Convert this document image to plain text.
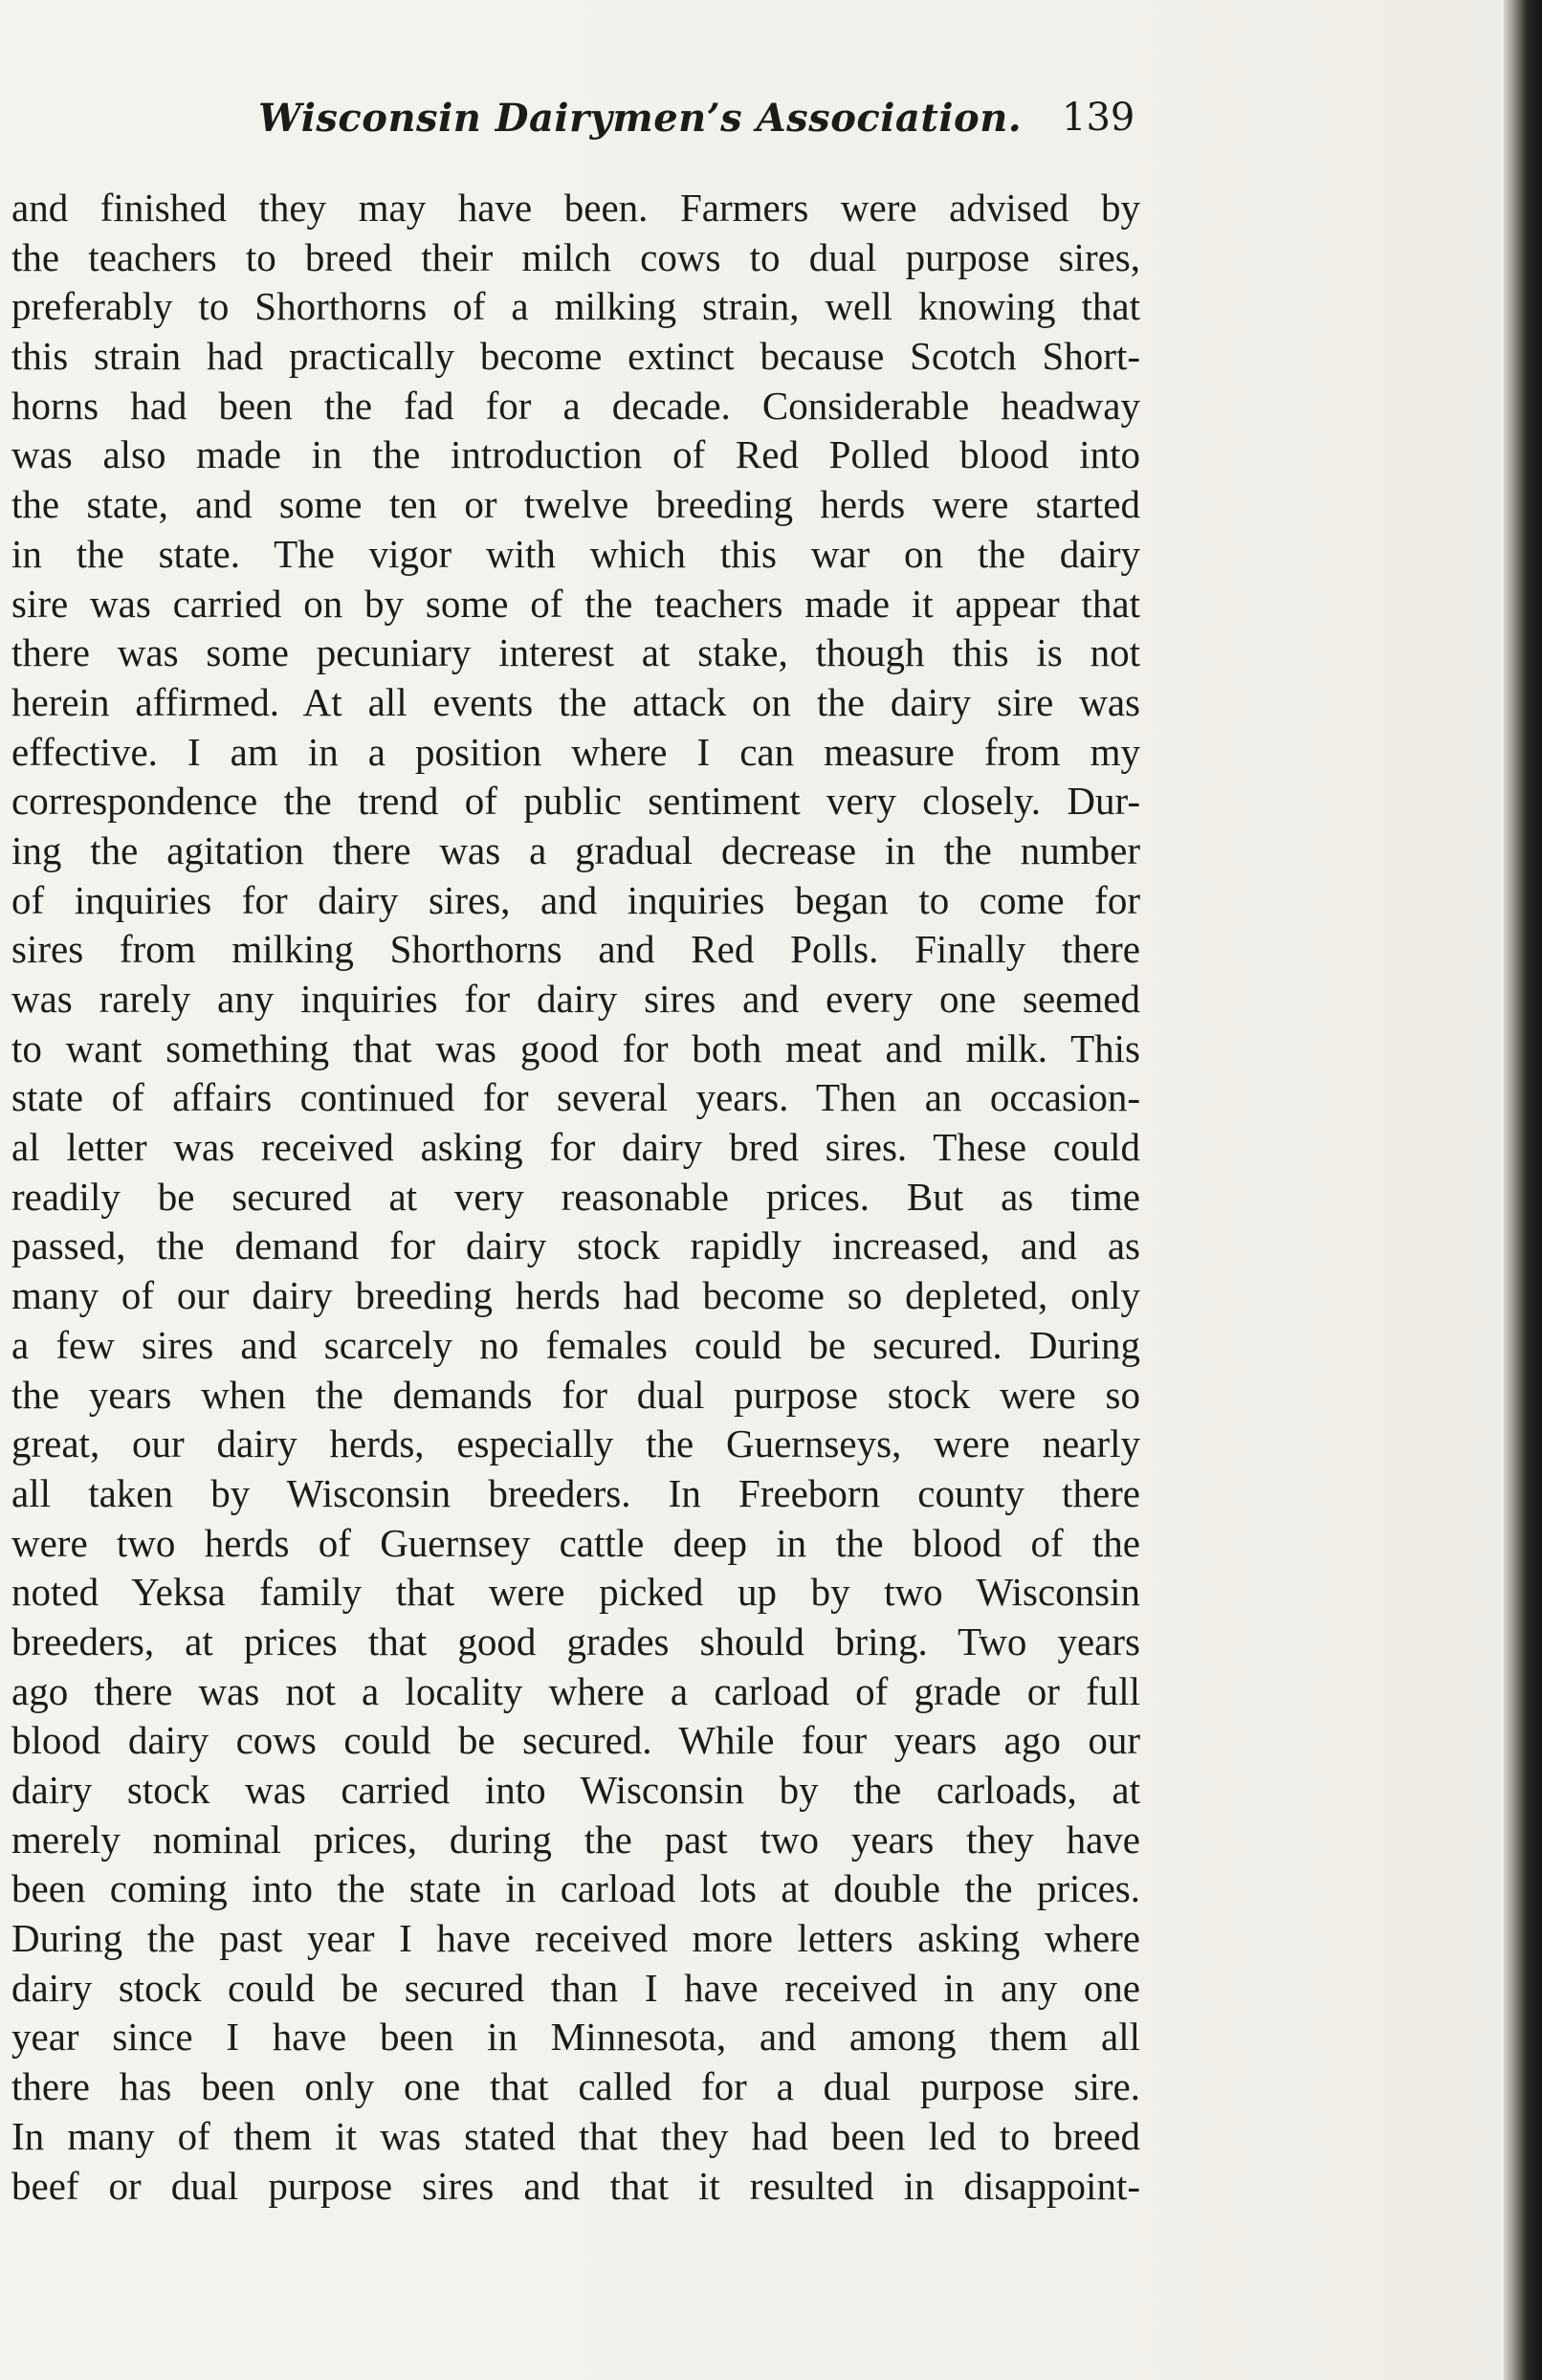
Wisconsin Dairymen’s Association. 139
and finished they may have been. Farmers were advised by
the teachers to breed their milch cows to dual purpose sires,
preferably to Shorthorns of a milking strain, well knowing that
this strain had practically become extinct because Scotch Short-
horns had been the fad for a decade. Considerable headway
was also made in the introduction of Red Polled blood into
the state, and some ten or twelve breeding herds were started
in the state. The vigor with which this war on the dairy
sire was carried on by some of the teachers made it appear that
there was some pecuniary interest at stake, though this is not
herein affirmed. At all events the attack on the dairy sire was
effective. I am in a position where I can measure from my
correspondence the trend of public sentiment very closely. Dur-
ing the agitation there was a gradual decrease in the number
of inquiries for dairy sires, and inquiries began to come for
sires from milking Shorthorns and Red Polls. Finally there
was rarely any inquiries for dairy sires and every one seemed
to want something that was good for both meat and milk. This
state of affairs continued for several years. Then an occasion-
al letter was received asking for dairy bred sires. These could
readily be secured at very reasonable prices. But as time
passed, the demand for dairy stock rapidly increased, and as
many of our dairy breeding herds had become so depleted, only
a few sires and scarcely no females could be secured. During
the years when the demands for dual purpose stock were so
great, our dairy herds, especially the Guernseys, were nearly
all taken by Wisconsin breeders. In Freeborn county there
were two herds of Guernsey cattle deep in the blood of the
noted Yeksa family that were picked up by two Wisconsin
breeders, at prices that good grades should bring. Two years
ago there was not a locality where a carload of grade or full
blood dairy cows could be secured. While four years ago our
dairy stock was carried into Wisconsin by the carloads, at
merely nominal prices, during the past two years they have
been coming into the state in carload lots at double the prices.
During the past year I have received more letters asking where
dairy stock could be secured than I have received in any one
year since I have been in Minnesota, and among them all
there has been only one that called for a dual purpose sire.
In many of them it was stated that they had been led to breed
beef or dual purpose sires and that it resulted in disappoint-
